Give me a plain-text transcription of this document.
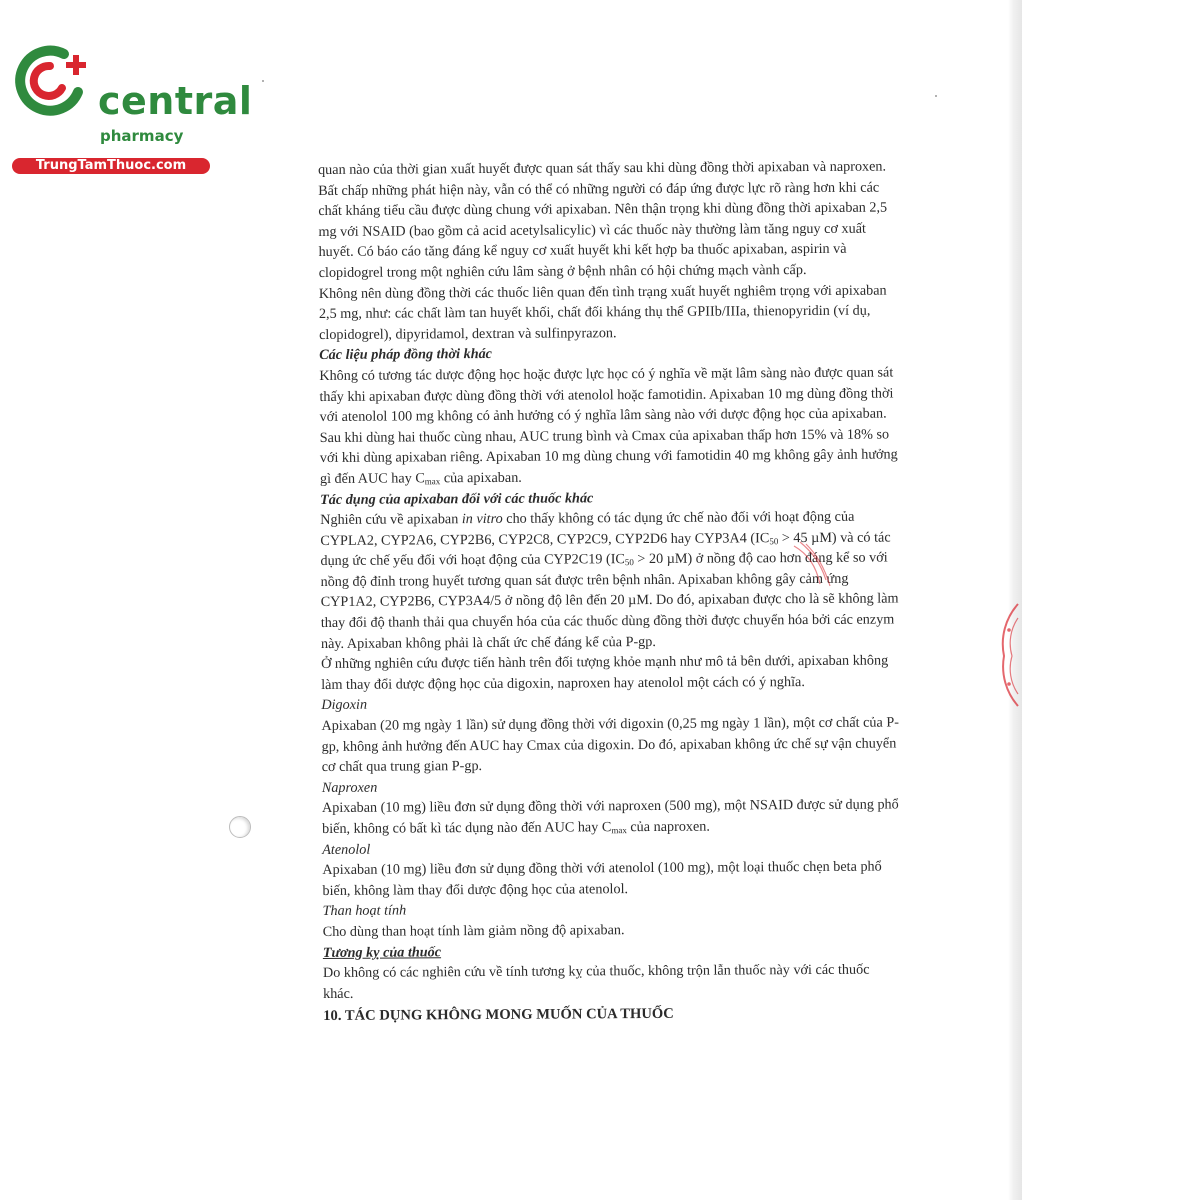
central
pharmacy
TrungTamThuoc.com	quan nào của thời gian xuất huyết được quan sát thấy sau khi dùng đồng thời apixaban và naproxen.

Bất chấp những phát hiện này, vẫn có thể có những người có đáp ứng được lực rõ ràng hơn khi các chất kháng tiểu cầu được dùng chung với apixaban. Nên thận trọng khi dùng đồng thời apixaban 2,5 mg với NSAID (bao gồm cả acid acetylsalicylic) vì các thuốc này thường làm tăng nguy cơ xuất huyết. Có báo cáo tăng đáng kể nguy cơ xuất huyết khi kết hợp ba thuốc apixaban, aspirin và clopidogrel trong một nghiên cứu lâm sàng ở bệnh nhân có hội chứng mạch vành cấp.

Không nên dùng đồng thời các thuốc liên quan đến tình trạng xuất huyết nghiêm trọng với apixaban 2,5 mg, như: các chất làm tan huyết khối, chất đối kháng thụ thể GPIIb/IIIa, thienopyridin (ví dụ, clopidogrel), dipyridamol, dextran và sulfinpyrazon.

Các liệu pháp đồng thời khác

Không có tương tác dược động học hoặc được lực học có ý nghĩa về mặt lâm sàng nào được quan sát thấy khi apixaban được dùng đồng thời với atenolol hoặc famotidin. Apixaban 10 mg dùng đồng thời với atenolol 100 mg không có ảnh hưởng có ý nghĩa lâm sàng nào với dược động học của apixaban. Sau khi dùng hai thuốc cùng nhau, AUC trung bình và Cmax của apixaban thấp hơn 15% và 18% so với khi dùng apixaban riêng. Apixaban 10 mg dùng chung với famotidin 40 mg không gây ảnh hưởng gì đến AUC hay $C_{max}$ của apixaban.

Tác dụng của apixaban đối với các thuốc khác

Nghiên cứu về apixaban in vitro cho thấy không có tác dụng ức chế nào đối với hoạt động của CYPLA2, CYP2A6, CYP2B6, CYP2C8, CYP2C9, CYP2D6 hay CYP3A4 ($IC_{50} > 45$ µM) và có tác dụng ức chế yếu đối với hoạt động của CYP2C19 ($IC_{50} > 20$ µM) ở nồng độ cao hơn đáng kể so với nồng độ đỉnh trong huyết tương quan sát được trên bệnh nhân. Apixaban không gây cảm ứng CYP1A2, CYP2B6, CYP3A4/5 ở nồng độ lên đến 20 µM. Do đó, apixaban được cho là sẽ không làm thay đổi độ thanh thải qua chuyển hóa của các thuốc dùng đồng thời được chuyển hóa bởi các enzym này. Apixaban không phải là chất ức chế đáng kể của P-gp.

Ở những nghiên cứu được tiến hành trên đối tượng khỏe mạnh như mô tả bên dưới, apixaban không làm thay đổi dược động học của digoxin, naproxen hay atenolol một cách có ý nghĩa.

Digoxin

Apixaban (20 mg ngày 1 lần) sử dụng đồng thời với digoxin (0,25 mg ngày 1 lần), một cơ chất của P-gp, không ảnh hưởng đến AUC hay Cmax của digoxin. Do đó, apixaban không ức chế sự vận chuyển cơ chất qua trung gian P-gp.

Naproxen

Apixaban (10 mg) liều đơn sử dụng đồng thời với naproxen (500 mg), một NSAID được sử dụng phổ biến, không có bất kì tác dụng nào đến AUC hay $C_{max}$ của naproxen.

Atenolol

Apixaban (10 mg) liều đơn sử dụng đồng thời với atenolol (100 mg), một loại thuốc chẹn beta phổ biến, không làm thay đổi dược động học của atenolol.

Than hoạt tính

Cho dùng than hoạt tính làm giảm nồng độ apixaban.

Tương kỵ của thuốc

Do không có các nghiên cứu về tính tương kỵ của thuốc, không trộn lẫn thuốc này với các thuốc khác.

10. TÁC DỤNG KHÔNG MONG MUỐN CỦA THUỐC
